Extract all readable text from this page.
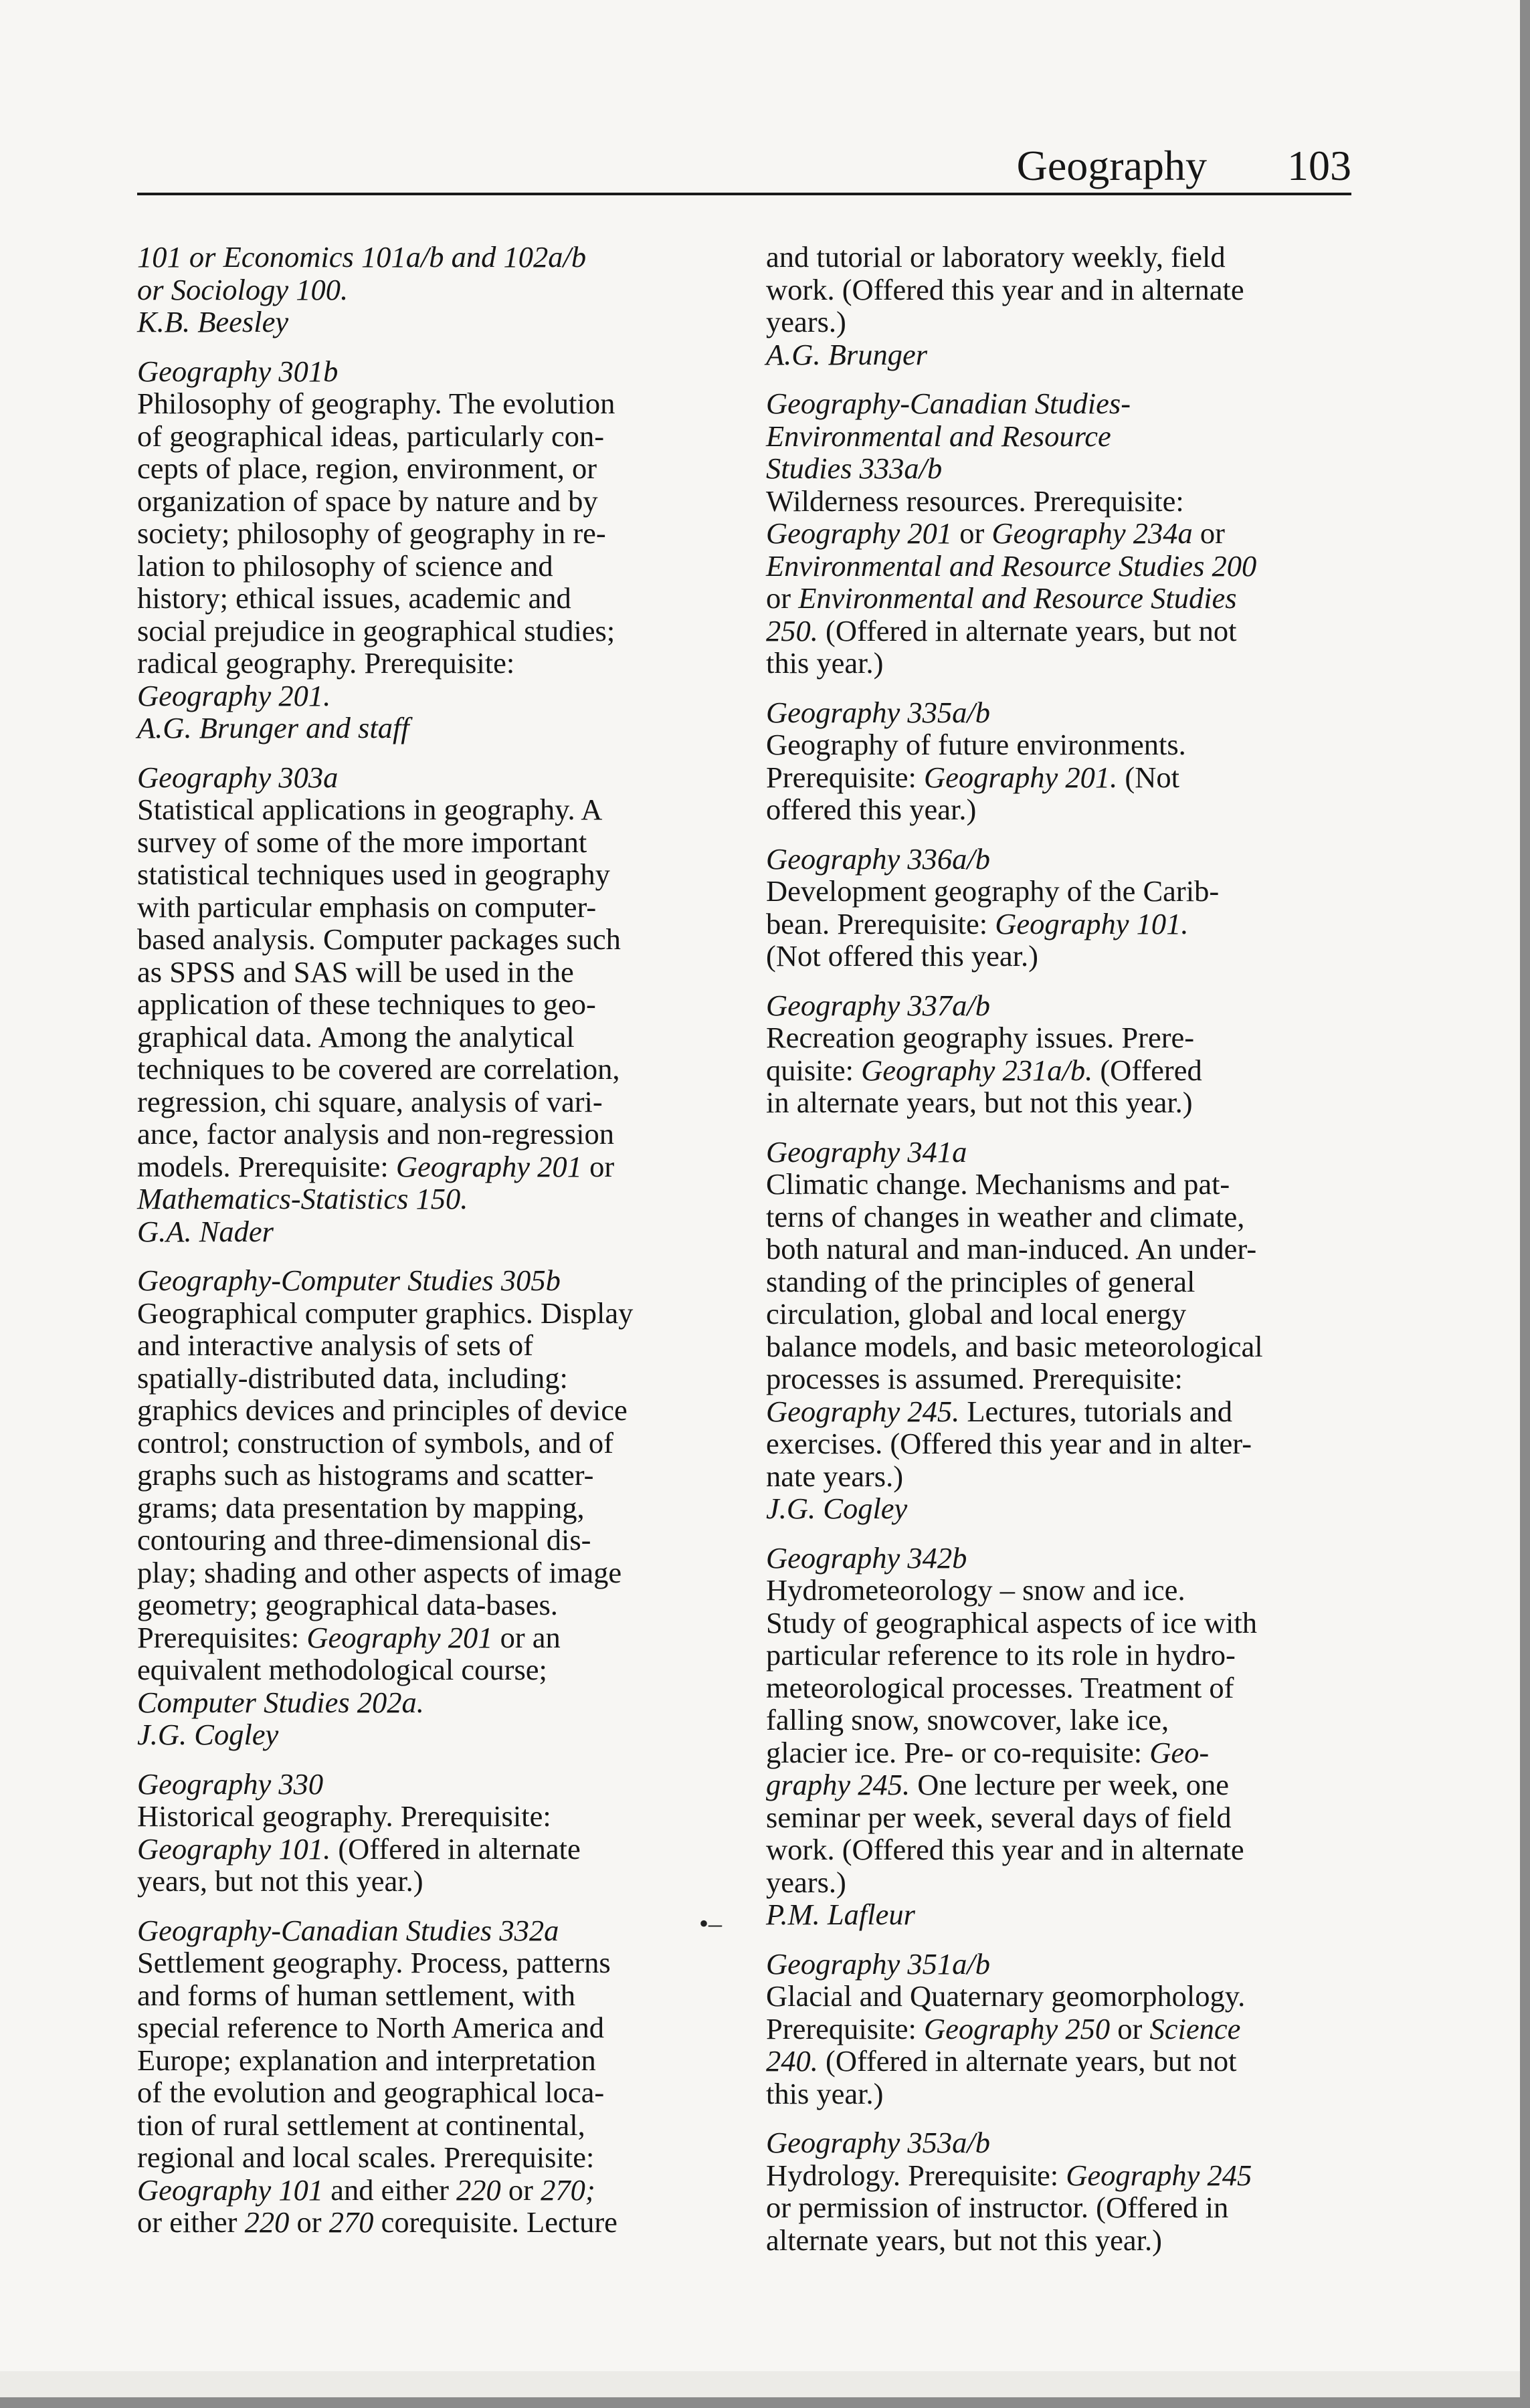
Geography 103
101 or Economics 101a/b and 102a/b
or Sociology 100.
K.B. Beesley
Geography 301b
Philosophy of geography. The evolution
of geographical ideas, particularly con-
cepts of place, region, environment, or
organization of space by nature and by
society; philosophy of geography in re-
lation to philosophy of science and
history; ethical issues, academic and
social prejudice in geographical studies;
radical geography. Prerequisite:
Geography 201.
A.G. Brunger and staff
Geography 303a
Statistical applications in geography. A
survey of some of the more important
statistical techniques used in geography
with particular emphasis on computer-
based analysis. Computer packages such
as SPSS and SAS will be used in the
application of these techniques to geo-
graphical data. Among the analytical
techniques to be covered are correlation,
regression, chi square, analysis of vari-
ance, factor analysis and non-regression
models. Prerequisite: Geography 201 or
Mathematics-Statistics 150.
G.A. Nader
Geography-Computer Studies 305b
Geographical computer graphics. Display
and interactive analysis of sets of
spatially-distributed data, including:
graphics devices and principles of device
control; construction of symbols, and of
graphs such as histograms and scatter-
grams; data presentation by mapping,
contouring and three-dimensional dis-
play; shading and other aspects of image
geometry; geographical data-bases.
Prerequisites: Geography 201 or an
equivalent methodological course;
Computer Studies 202a.
J.G. Cogley
Geography 330
Historical geography. Prerequisite:
Geography 101. (Offered in alternate
years, but not this year.)
Geography-Canadian Studies 332a
Settlement geography. Process, patterns
and forms of human settlement, with
special reference to North America and
Europe; explanation and interpretation
of the evolution and geographical loca-
tion of rural settlement at continental,
regional and local scales. Prerequisite:
Geography 101 and either 220 or 270;
or either 220 or 270 corequisite. Lecture
and tutorial or laboratory weekly, field
work. (Offered this year and in alternate
years.)
A.G. Brunger
Geography-Canadian Studies-
Environmental and Resource
Studies 333a/b
Wilderness resources. Prerequisite:
Geography 201 or Geography 234a or
Environmental and Resource Studies 200
or Environmental and Resource Studies
250. (Offered in alternate years, but not
this year.)
Geography 335a/b
Geography of future environments.
Prerequisite: Geography 201. (Not
offered this year.)
Geography 336a/b
Development geography of the Carib-
bean. Prerequisite: Geography 101.
(Not offered this year.)
Geography 337a/b
Recreation geography issues. Prere-
quisite: Geography 231a/b. (Offered
in alternate years, but not this year.)
Geography 341a
Climatic change. Mechanisms and pat-
terns of changes in weather and climate,
both natural and man-induced. An under-
standing of the principles of general
circulation, global and local energy
balance models, and basic meteorological
processes is assumed. Prerequisite:
Geography 245. Lectures, tutorials and
exercises. (Offered this year and in alter-
nate years.)
J.G. Cogley
Geography 342b
Hydrometeorology – snow and ice.
Study of geographical aspects of ice with
particular reference to its role in hydro-
meteorological processes. Treatment of
falling snow, snowcover, lake ice,
glacier ice. Pre- or co-requisite: Geo-
graphy 245. One lecture per week, one
seminar per week, several days of field
work. (Offered this year and in alternate
years.)
P.M. Lafleur
Geography 351a/b
Glacial and Quaternary geomorphology.
Prerequisite: Geography 250 or Science
240. (Offered in alternate years, but not
this year.)
Geography 353a/b
Hydrology. Prerequisite: Geography 245
or permission of instructor. (Offered in
alternate years, but not this year.)
•–
